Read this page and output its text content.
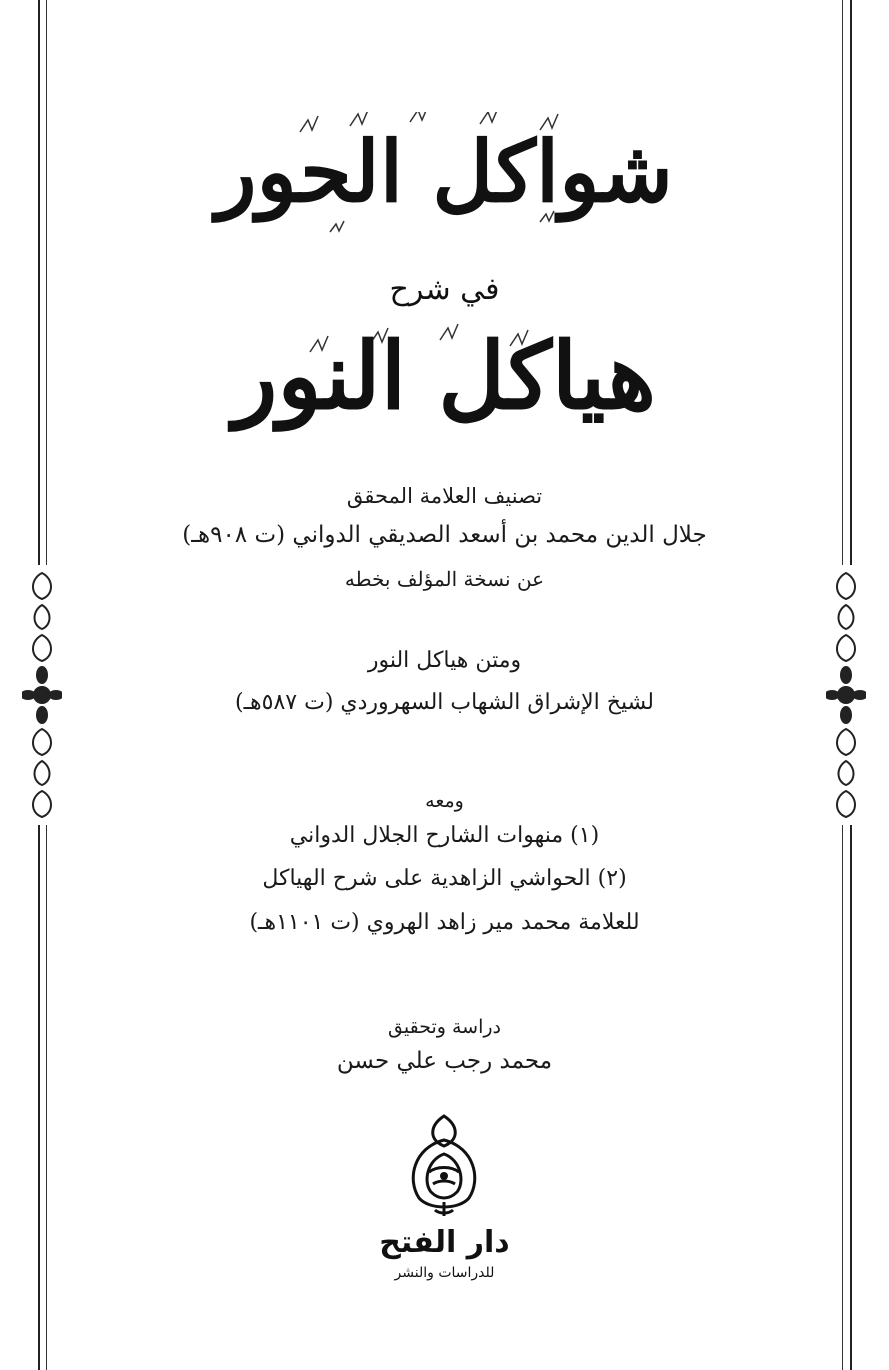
شواكل الحور
في شرح
هياكل النور
تصنيف العلامة المحقق
جلال الدين محمد بن أسعد الصديقي الدواني (ت ٩٠٨هـ)
عن نسخة المؤلف بخطه
ومتن هياكل النور
لشيخ الإشراق الشهاب السهروردي (ت ٥٨٧هـ)
ومعه
(١) منهوات الشارح الجلال الدواني
(٢) الحواشي الزاهدية على شرح الهياكل
للعلامة محمد مير زاهد الهروي (ت ١١٠١هـ)
دراسة وتحقيق
محمد رجب علي حسن
دار الفتح
للدراسات والنشر
